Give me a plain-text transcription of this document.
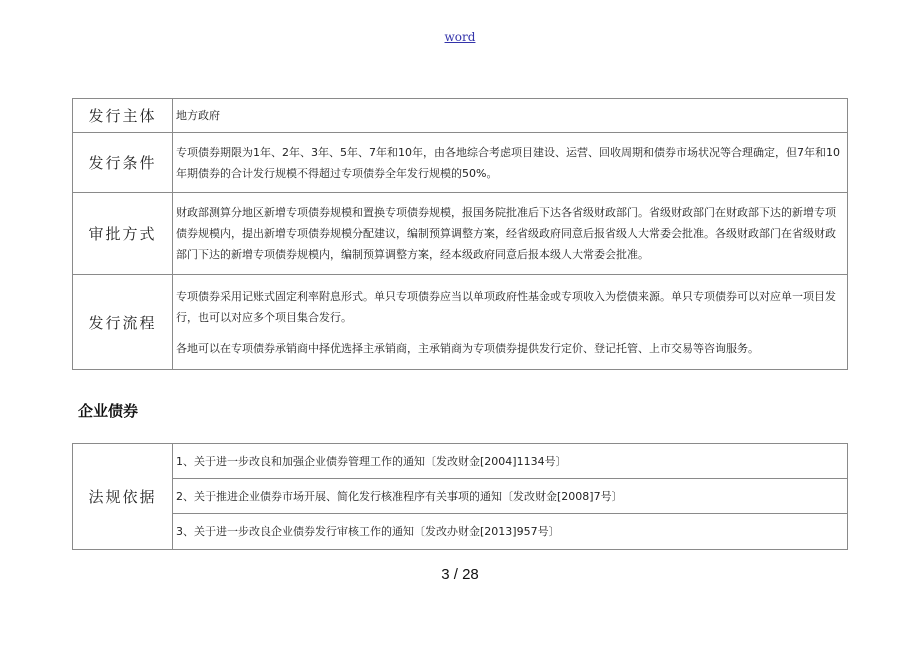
word
发行主体	地方政府

发行条件	专项债券期限为1年、2年、3年、5年、7年和10年，由各地综合考虑项目建设、运营、回收周期和债券市场状况等合理确定，但7年和10年期债券的合计发行规模不得超过专项债券全年发行规模的50%。

审批方式	财政部测算分地区新增专项债券规模和置换专项债券规模，报国务院批准后下达各省级财政部门。省级财政部门在财政部下达的新增专项债券规模内，提出新增专项债券规模分配建议，编制预算调整方案，经省级政府同意后报省级人大常委会批准。各级财政部门在省级财政部门下达的新增专项债券规模内，编制预算调整方案，经本级政府同意后报本级人大常委会批准。

发行流程	专项债券采用记账式固定利率附息形式。单只专项债券应当以单项政府性基金或专项收入为偿债来源。单只专项债券可以对应单一项目发行，也可以对应多个项目集合发行。

各地可以在专项债券承销商中择优选择主承销商，主承销商为专项债券提供发行定价、登记托管、上市交易等咨询服务。

企业债券
法规依据	1、关于进一步改良和加强企业债券管理工作的通知〔发改财金[2004]1134号〕
2、关于推进企业债券市场开展、简化发行核准程序有关事项的通知〔发改财金[2008]7号〕
3、关于进一步改良企业债券发行审核工作的通知〔发改办财金[2013]957号〕
3 / 28
